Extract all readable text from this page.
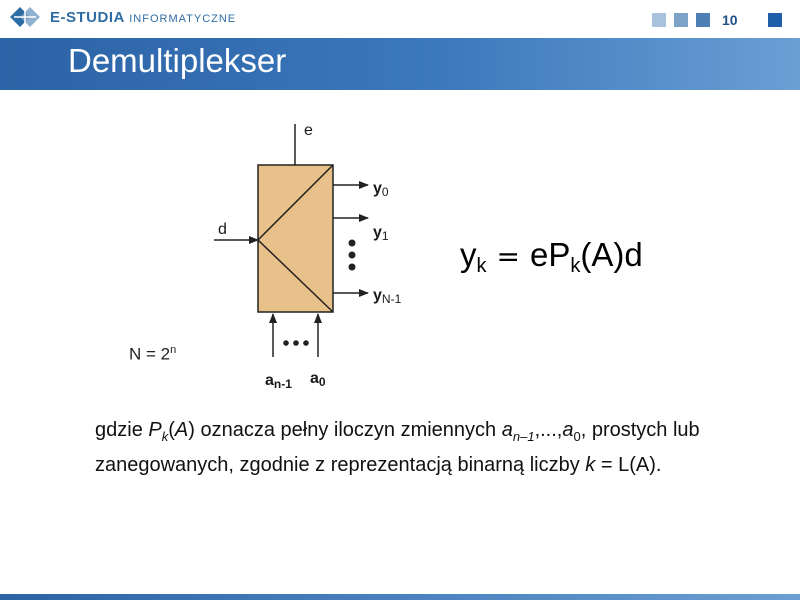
E-STUDIA INFORMATYCZNE	10
Demultiplekser
e
d
y0
y1
yN-1
an-1 a0
$y_k = eP_k(A)d$
$N = 2^n$
gdzie $P_k(A)$ oznacza pełny iloczyn zmiennych $a_{n-1},...,a_0$, prostych lub zanegowanych, zgodnie z reprezentacją binarną liczby k = L(A).
